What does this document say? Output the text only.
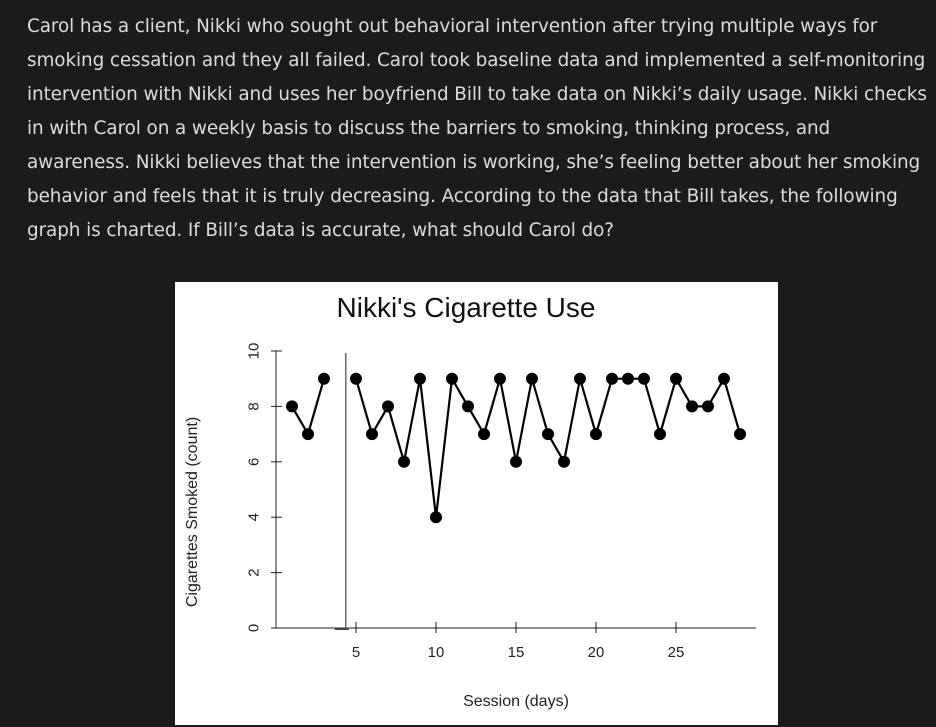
Carol has a client, Nikki who sought out behavioral intervention after trying multiple ways for smoking cessation and they all failed. Carol took baseline data and implemented a self-monitoring intervention with Nikki and uses her boyfriend Bill to take data on Nikki’s daily usage. Nikki checks in with Carol on a weekly basis to discuss the barriers to smoking, thinking process, and awareness. Nikki believes that the intervention is working, she’s feeling better about her smoking behavior and feels that it is truly decreasing. According to the data that Bill takes, the following graph is charted. If Bill’s data is accurate, what should Carol do?
Nikki's Cigarette Use
Session (days)
Cigarettes Smoked (count)
0
2
4
6
8
10
5	10	15	20	25
